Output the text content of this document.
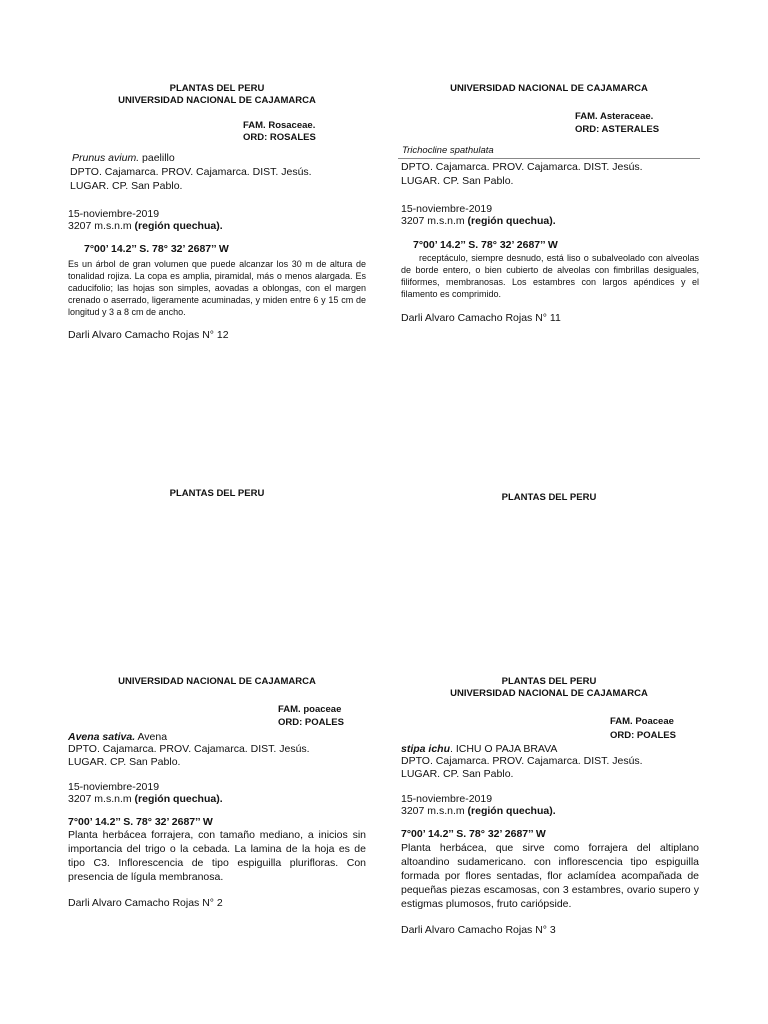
PLANTAS DEL PERU
UNIVERSIDAD NACIONAL DE CAJAMARCA
FAM. Rosaceae.
ORD: ROSALES
Prunus avium. paelillo
DPTO. Cajamarca. PROV. Cajamarca. DIST. Jesús.
LUGAR. CP. San Pablo.
15-noviembre-2019
3207 m.s.n.m (región quechua).
7°00’ 14.2’’ S. 78° 32’ 2687’’ W
Es un árbol de gran volumen que puede alcanzar los 30 m de altura de tonalidad rojiza. La copa es amplia, piramidal, más o menos alargada. Es caducifolio; las hojas son simples, aovadas a oblongas, con el margen crenado o aserrado, ligeramente acuminadas, y miden entre 6 y 15 cm de longitud y 3 a 8 cm de ancho.
Darli Alvaro Camacho Rojas N° 12
UNIVERSIDAD NACIONAL DE CAJAMARCA
FAM. Asteraceae.
ORD: ASTERALES
Trichocline spathulata
DPTO. Cajamarca. PROV. Cajamarca. DIST. Jesús.
LUGAR. CP. San Pablo.
15-noviembre-2019
3207 m.s.n.m (región quechua).
7°00’ 14.2’’ S. 78° 32’ 2687’’ W
receptáculo, siempre desnudo, está liso o subalveolado con alveolas de borde entero, o bien cubierto de alveolas con fimbrillas desiguales, filiformes, membranosas. Los estambres con largos apéndices y el filamento es comprimido.
Darli Alvaro Camacho Rojas N° 11
PLANTAS DEL PERU	PLANTAS DEL PERU
UNIVERSIDAD NACIONAL DE CAJAMARCA
FAM. poaceae
ORD: POALES
Avena sativa. Avena
DPTO. Cajamarca. PROV. Cajamarca. DIST. Jesús.
LUGAR. CP. San Pablo.
15-noviembre-2019
3207 m.s.n.m (región quechua).
7°00’ 14.2’’ S. 78° 32’ 2687’’ W
Planta herbácea forrajera, con tamaño mediano, a inicios sin importancia del trigo o la cebada. La lamina de la hoja es de tipo C3. Inflorescencia de tipo espiguilla plurifloras. Con presencia de lígula membranosa.
Darli Alvaro Camacho Rojas N° 2
PLANTAS DEL PERU
UNIVERSIDAD NACIONAL DE CAJAMARCA
FAM. Poaceae
ORD: POALES
stipa ichu. ICHU O PAJA BRAVA
DPTO. Cajamarca. PROV. Cajamarca. DIST. Jesús.
LUGAR. CP. San Pablo.
15-noviembre-2019
3207 m.s.n.m (región quechua).
7°00’ 14.2’’ S. 78° 32’ 2687’’ W
Planta herbácea, que sirve como forrajera del altiplano altoandino sudamericano. con inflorescencia tipo espiguilla formada por flores sentadas, flor aclamídea acompañada de pequeñas piezas escamosas, con 3 estambres, ovario supero y estigmas plumosos, fruto cariópside.
Darli Alvaro Camacho Rojas N° 3
